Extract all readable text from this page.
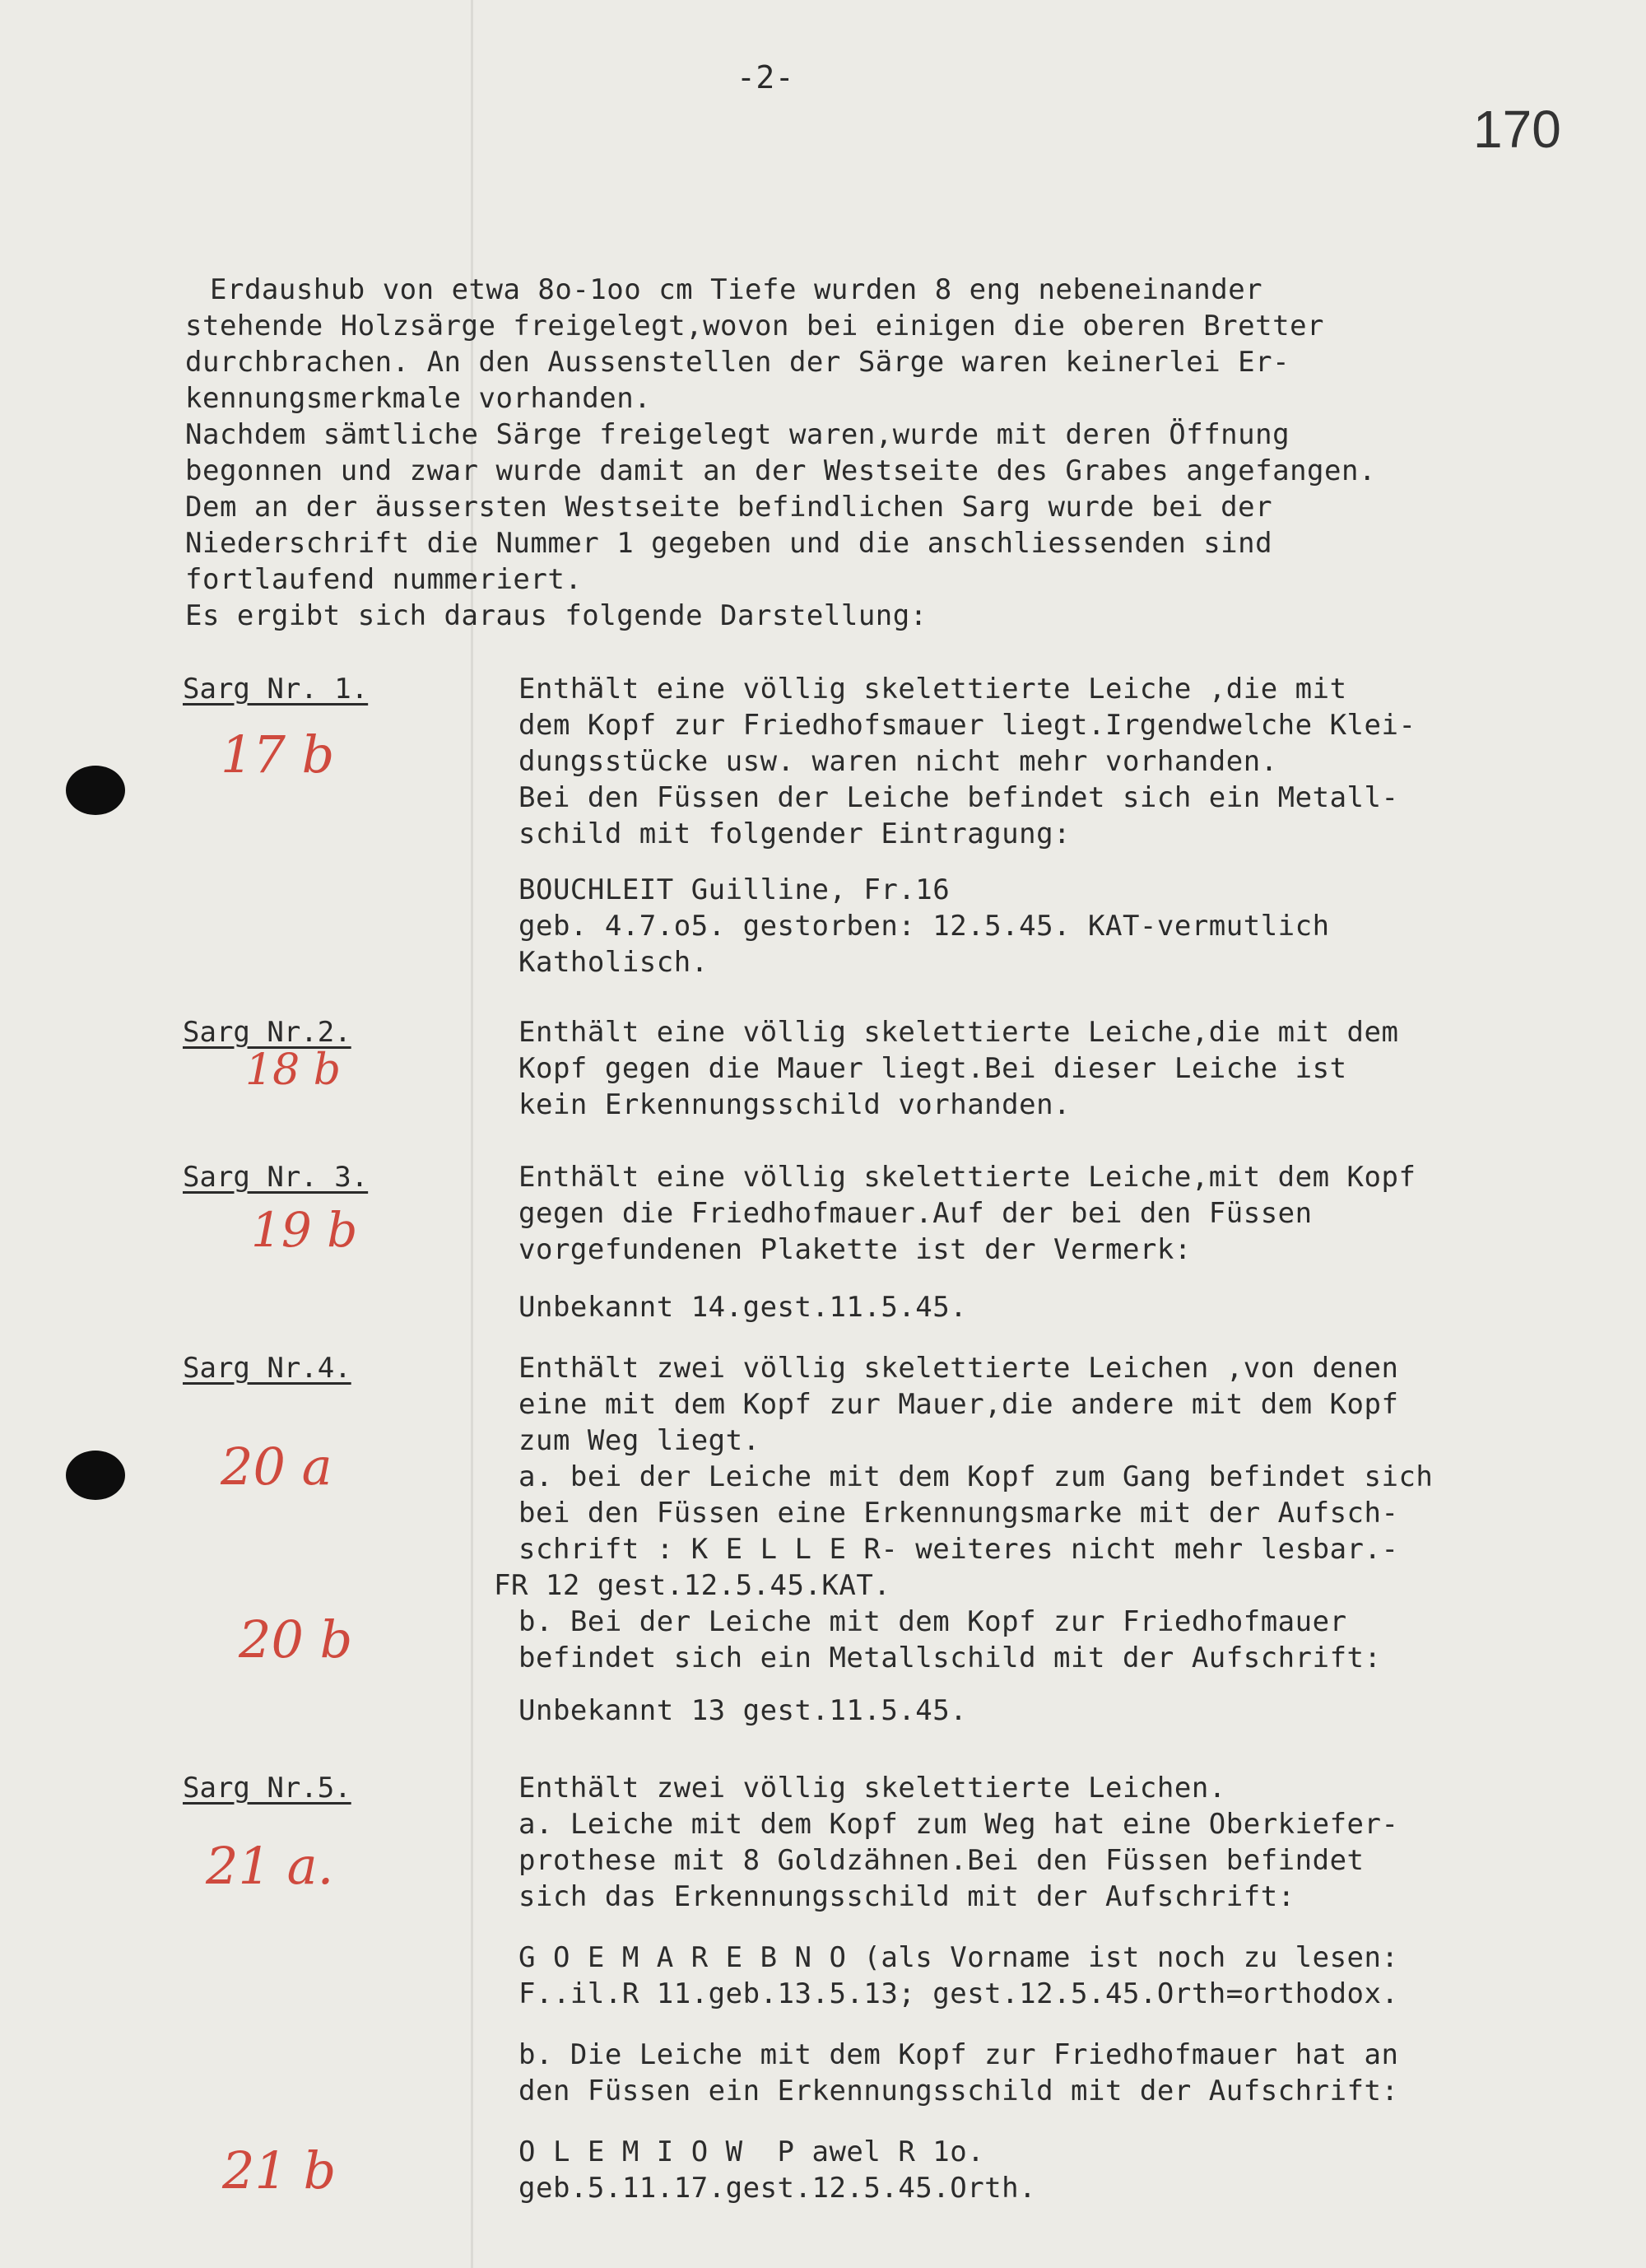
-2-
170
Erdaushub von etwa 8o-1oo cm Tiefe wurden 8 eng nebeneinander
stehende Holzsärge freigelegt,wovon bei einigen die oberen Bretter
durchbrachen. An den Aussenstellen der Särge waren keinerlei Er-
kennungsmerkmale vorhanden.
Nachdem sämtliche Särge freigelegt waren,wurde mit deren Öffnung
begonnen und zwar wurde damit an der Westseite des Grabes angefangen.
Dem an der äussersten Westseite befindlichen Sarg wurde bei der
Niederschrift die Nummer 1 gegeben und die anschliessenden sind
fortlaufend nummeriert.
Es ergibt sich daraus folgende Darstellung:
Sarg Nr. 1.
17 b
Enthält eine völlig skelettierte Leiche ,die mit
dem Kopf zur Friedhofsmauer liegt.Irgendwelche Klei-
dungsstücke usw. waren nicht mehr vorhanden.
Bei den Füssen der Leiche befindet sich ein Metall-
schild mit folgender Eintragung:
BOUCHLEIT Guilline, Fr.16
geb. 4.7.o5. gestorben: 12.5.45. KAT-vermutlich
Katholisch.
Sarg Nr.2.
18 b
Enthält eine völlig skelettierte Leiche,die mit dem
Kopf gegen die Mauer liegt.Bei dieser Leiche ist
kein Erkennungsschild vorhanden.
Sarg Nr. 3.
19 b
Enthält eine völlig skelettierte Leiche,mit dem Kopf
gegen die Friedhofmauer.Auf der bei den Füssen
vorgefundenen Plakette ist der Vermerk:
Unbekannt 14.gest.11.5.45.
Sarg Nr.4.
20 a
20 b
Enthält zwei völlig skelettierte Leichen ,von denen
eine mit dem Kopf zur Mauer,die andere mit dem Kopf
zum Weg liegt.
a. bei der Leiche mit dem Kopf zum Gang befindet sich
bei den Füssen eine Erkennungsmarke mit der Aufsch-
schrift : K E L L E R- weiteres nicht mehr lesbar.-
FR 12 gest.12.5.45.KAT.
b. Bei der Leiche mit dem Kopf zur Friedhofmauer
befindet sich ein Metallschild mit der Aufschrift:
Unbekannt 13 gest.11.5.45.
Sarg Nr.5.
21 a.
21 b
Enthält zwei völlig skelettierte Leichen.
a. Leiche mit dem Kopf zum Weg hat eine Oberkiefer-
prothese mit 8 Goldzähnen.Bei den Füssen befindet
sich das Erkennungsschild mit der Aufschrift:
G O E M A R E B N O (als Vorname ist noch zu lesen:
F..il.R 11.geb.13.5.13; gest.12.5.45.Orth=orthodox.
b. Die Leiche mit dem Kopf zur Friedhofmauer hat an
den Füssen ein Erkennungsschild mit der Aufschrift:
O L E M I O W  P awel R 1o.
geb.5.11.17.gest.12.5.45.Orth.
